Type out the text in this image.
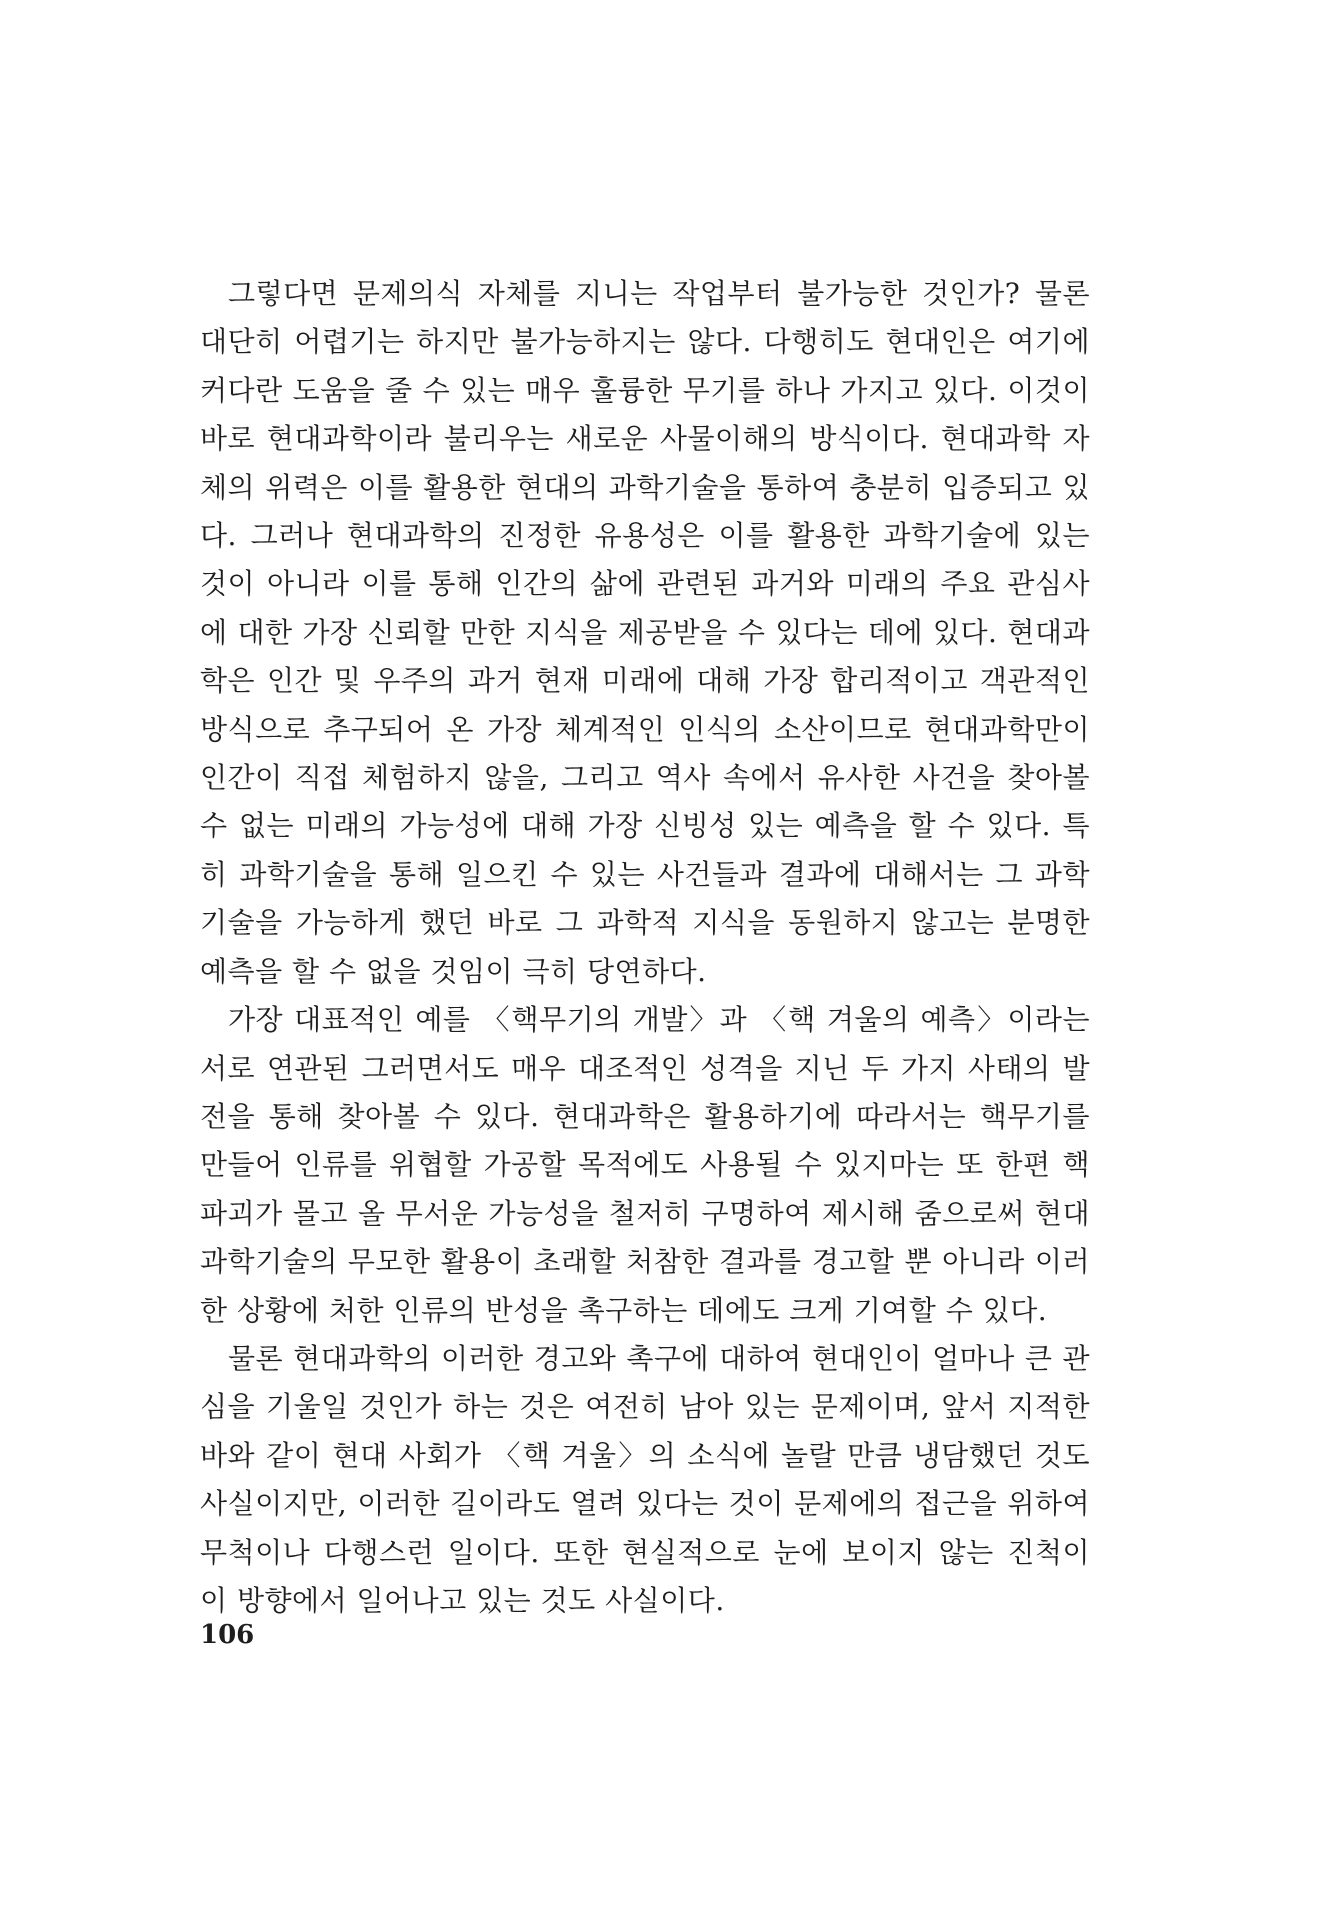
그렇다면 문제의식 자체를 지니는 작업부터 불가능한 것인가? 물론 대단히 어렵기는 하지만 불가능하지는 않다. 다행히도 현대인은 여기에 커다란 도움을 줄 수 있는 매우 훌륭한 무기를 하나 가지고 있다. 이것이 바로 현대과학이라 불리우는 새로운 사물이해의 방식이다. 현대과학 자체의 위력은 이를 활용한 현대의 과학기술을 통하여 충분히 입증되고 있다. 그러나 현대과학의 진정한 유용성은 이를 활용한 과학기술에 있는 것이 아니라 이를 통해 인간의 삶에 관련된 과거와 미래의 주요 관심사에 대한 가장 신뢰할 만한 지식을 제공받을 수 있다는 데에 있다. 현대과학은 인간 및 우주의 과거 현재 미래에 대해 가장 합리적이고 객관적인 방식으로 추구되어 온 가장 체계적인 인식의 소산이므로 현대과학만이 인간이 직접 체험하지 않을, 그리고 역사 속에서 유사한 사건을 찾아볼 수 없는 미래의 가능성에 대해 가장 신빙성 있는 예측을 할 수 있다. 특히 과학기술을 통해 일으킨 수 있는 사건들과 결과에 대해서는 그 과학기술을 가능하게 했던 바로 그 과학적 지식을 동원하지 않고는 분명한 예측을 할 수 없을 것임이 극히 당연하다.

가장 대표적인 예를 〈핵무기의 개발〉과 〈핵 겨울의 예측〉이라는 서로 연관된 그러면서도 매우 대조적인 성격을 지닌 두 가지 사태의 발전을 통해 찾아볼 수 있다. 현대과학은 활용하기에 따라서는 핵무기를 만들어 인류를 위협할 가공할 목적에도 사용될 수 있지마는 또 한편 핵 파괴가 몰고 올 무서운 가능성을 철저히 구명하여 제시해 줌으로써 현대과학기술의 무모한 활용이 초래할 처참한 결과를 경고할 뿐 아니라 이러한 상황에 처한 인류의 반성을 촉구하는 데에도 크게 기여할 수 있다.

물론 현대과학의 이러한 경고와 촉구에 대하여 현대인이 얼마나 큰 관심을 기울일 것인가 하는 것은 여전히 남아 있는 문제이며, 앞서 지적한 바와 같이 현대 사회가 〈핵 겨울〉의 소식에 놀랄 만큼 냉담했던 것도 사실이지만, 이러한 길이라도 열려 있다는 것이 문제에의 접근을 위하여 무척이나 다행스런 일이다. 또한 현실적으로 눈에 보이지 않는 진척이 이 방향에서 일어나고 있는 것도 사실이다.

106
